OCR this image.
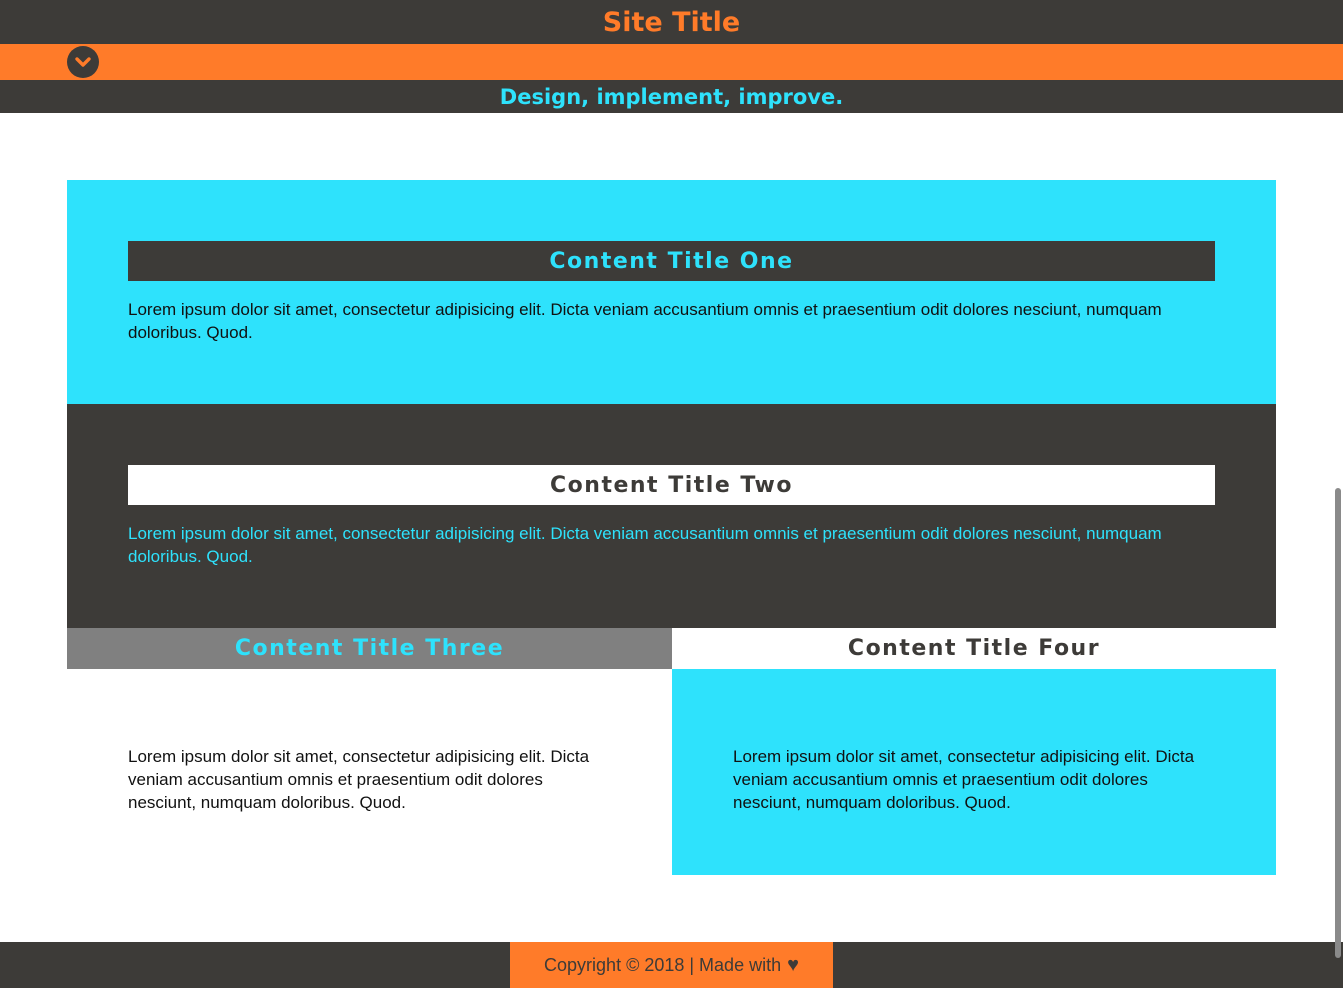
Site Title
Design, implement, improve.
Content Title One

Lorem ipsum dolor sit amet, consectetur adipisicing elit. Dicta veniam accusantium omnis et praesentium odit dolores nesciunt, numquam doloribus. Quod.

Content Title Two

Lorem ipsum dolor sit amet, consectetur adipisicing elit. Dicta veniam accusantium omnis et praesentium odit dolores nesciunt, numquam doloribus. Quod.

Content Title Three

Lorem ipsum dolor sit amet, consectetur adipisicing elit. Dicta veniam accusantium omnis et praesentium odit dolores nesciunt, numquam doloribus. Quod.

Content Title Four

Lorem ipsum dolor sit amet, consectetur adipisicing elit. Dicta veniam accusantium omnis et praesentium odit dolores nesciunt, numquam doloribus. Quod.

Copyright © 2018 | Made with ♥
